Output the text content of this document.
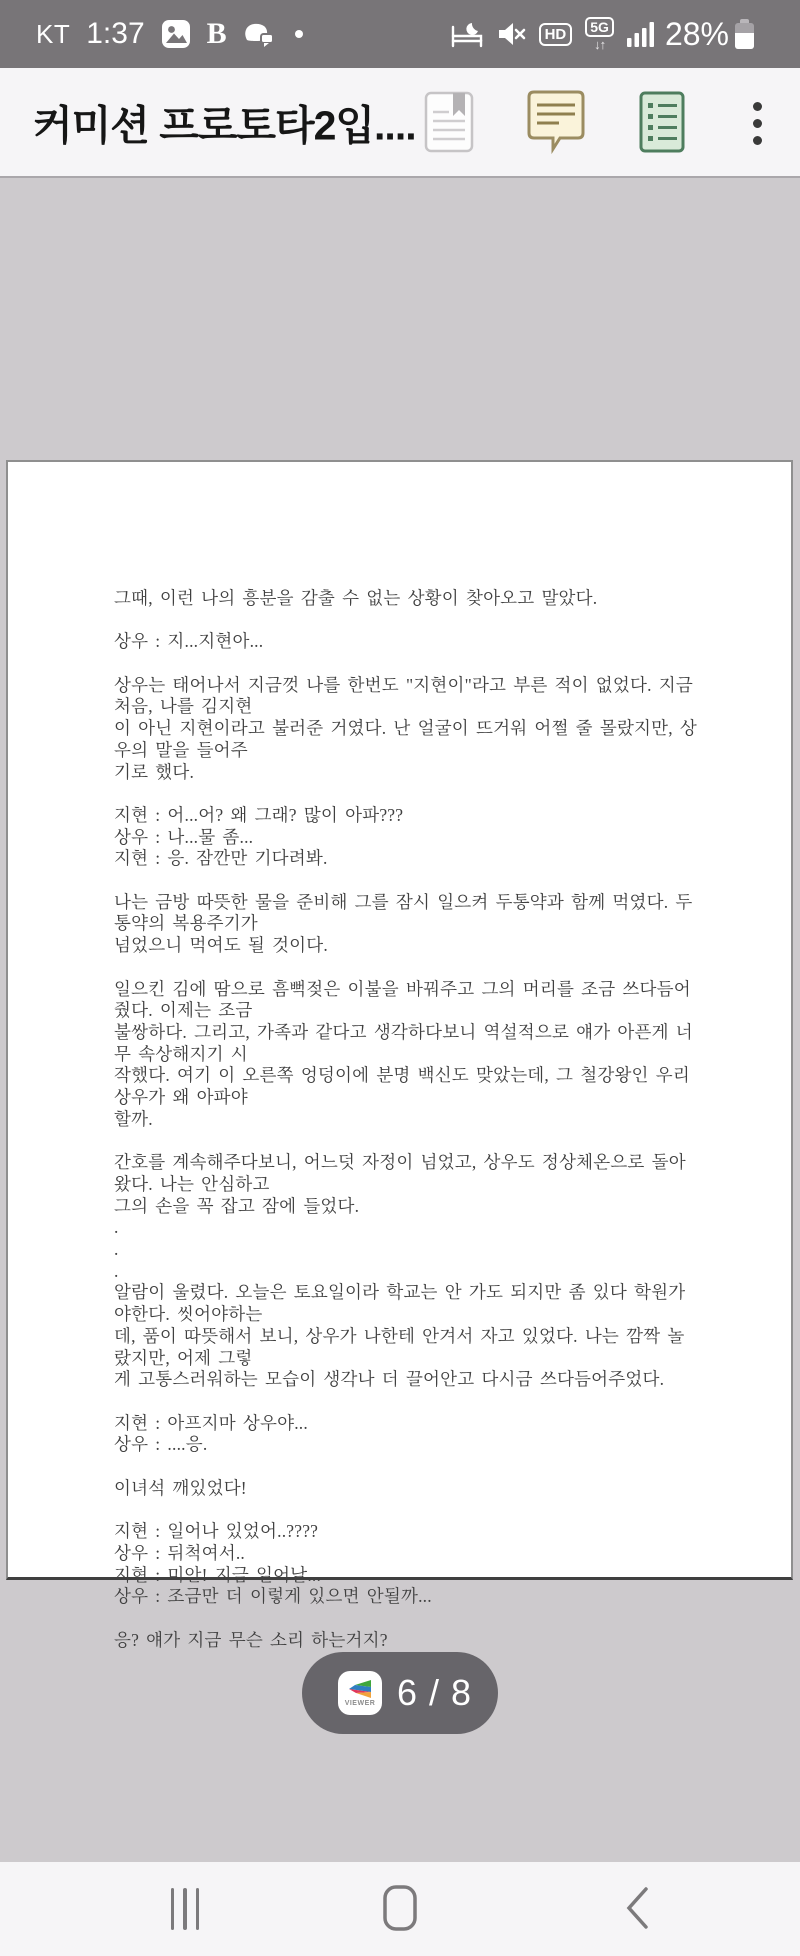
KT 1:37 B	HD	5G
↓↑ 28%
커미션 프로토타2입....
그때, 이런 나의 흥분을 감출 수 없는 상황이 찾아오고 말았다.
상우 : 지...지현아...
상우는 태어나서 지금껏 나를 한번도 "지현이"라고 부른 적이 없었다. 지금 처음, 나를 김지현
이 아닌 지현이라고 불러준 거였다. 난 얼굴이 뜨거워 어쩔 줄 몰랐지만, 상우의 말을 들어주
기로 했다.
지현 : 어...어? 왜 그래? 많이 아파???
상우 : 나...물 좀...
지현 : 응. 잠깐만 기다려봐.
나는 금방 따뜻한 물을 준비해 그를 잠시 일으켜 두통약과 함께 먹였다. 두통약의 복용주기가
넘었으니 먹여도 될 것이다.
일으킨 김에 땀으로 흠뻑젖은 이불을 바꿔주고 그의 머리를 조금 쓰다듬어줬다. 이제는 조금
불쌍하다. 그리고, 가족과 같다고 생각하다보니 역설적으로 얘가 아픈게 너무 속상해지기 시
작했다. 여기 이 오른쪽 엉덩이에 분명 백신도 맞았는데, 그 철강왕인 우리 상우가 왜 아파야
할까.
간호를 계속해주다보니, 어느덧 자정이 넘었고, 상우도 정상체온으로 돌아왔다. 나는 안심하고
그의 손을 꼭 잡고 잠에 들었다.
.
.
.
알람이 울렸다. 오늘은 토요일이라 학교는 안 가도 되지만 좀 있다 학원가야한다. 씻어야하는
데, 품이 따뜻해서 보니, 상우가 나한테 안겨서 자고 있었다. 나는 깜짝 놀랐지만, 어제 그렇
게 고통스러워하는 모습이 생각나 더 끌어안고 다시금 쓰다듬어주었다.
지현 : 아프지마 상우야...
상우 : ....응.
이녀석 깨있었다!
지현 : 일어나 있었어..????
상우 : 뒤척여서..
지현 : 미안! 지금 일어날...
상우 : 조금만 더 이렇게 있으면 안될까...
응? 얘가 지금 무슨 소리 하는거지?
VIEWER 6 / 8
